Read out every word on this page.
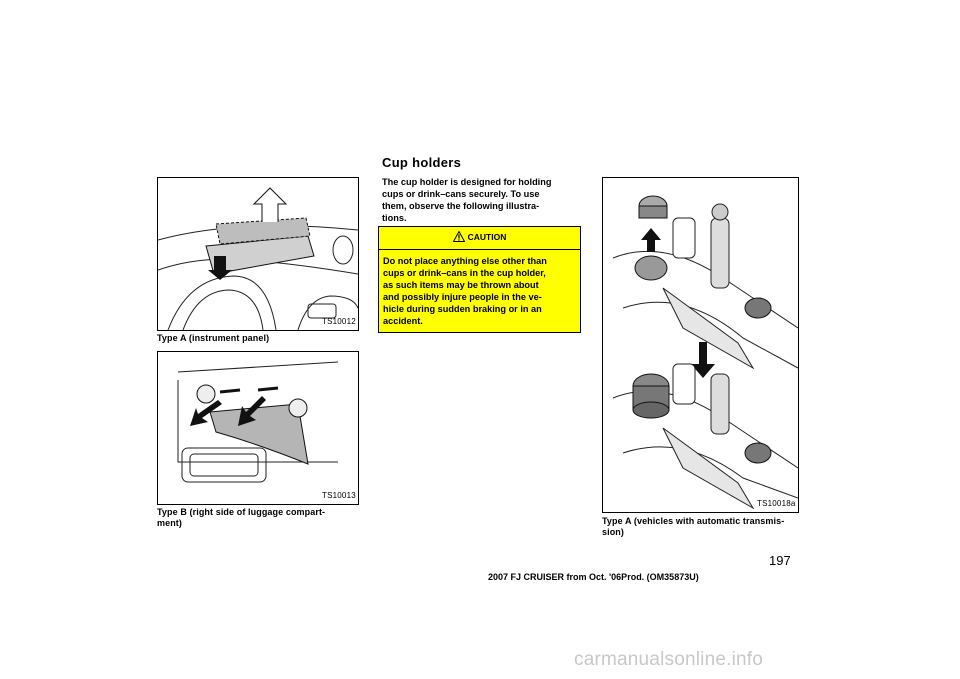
Cup holders
TS10012
Type A (instrument panel)
TS10013
Type B (right side of luggage compart-
ment)
The cup holder is designed for holding
cups or drink–cans securely. To use
them, observe the following illustra-
tions.
CAUTION
Do not place anything else other than
cups or drink–cans in the cup holder,
as such items may be thrown about
and possibly injure people in the ve-
hicle during sudden braking or in an
accident.
TS10018a
Type A (vehicles with automatic transmis-
sion)
197
2007 FJ CRUISER from Oct. '06Prod. (OM35873U)
carmanualsonline.info
